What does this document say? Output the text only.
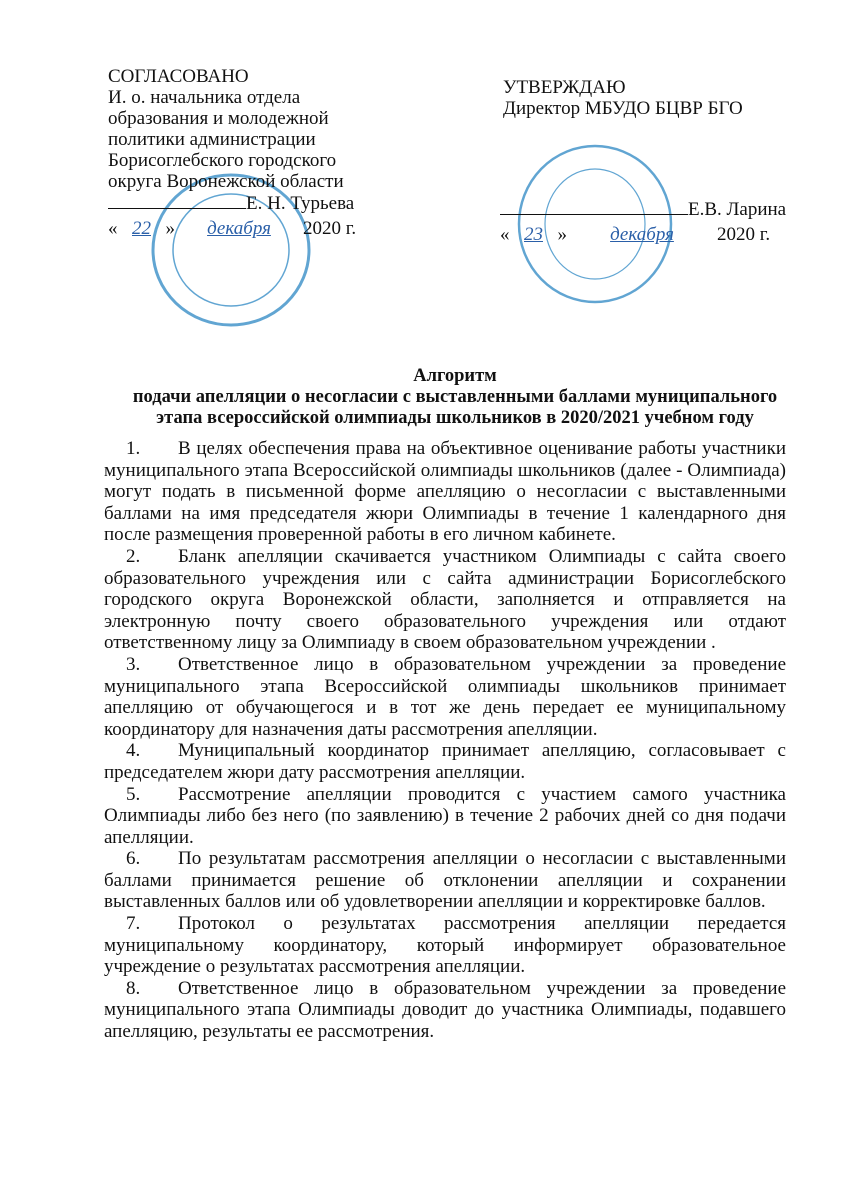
СОГЛАСОВАНО
И. о. начальника отдела
образования и молодежной
политики администрации
Борисоглебского городского
округа Воронежской области
Е. Н. Турьева
« 22 » декабря 2020 г.
УТВЕРЖДАЮ
Директор МБУДО БЦВР БГО
Е.В. Ларина
« 23 » декабря 2020 г.
Алгоритм
подачи апелляции о несогласии с выставленными баллами муниципального
этапа всероссийской олимпиады школьников в 2020/2021 учебном году

1. В целях обеспечения права на объективное оценивание работы участники муниципального этапа Всероссийской олимпиады школьников (далее - Олимпиада) могут подать в письменной форме апелляцию о несогласии с выставленными баллами на имя председателя жюри Олимпиады в течение 1 календарного дня после размещения проверенной работы в его личном кабинете.

2. Бланк апелляции скачивается участником Олимпиады с сайта своего образовательного учреждения или с сайта администрации Борисоглебского городского округа Воронежской области, заполняется и отправляется на электронную почту своего образовательного учреждения или отдают ответственному лицу за Олимпиаду в своем образовательном учреждении .

3. Ответственное лицо в образовательном учреждении за проведение муниципального этапа Всероссийской олимпиады школьников принимает апелляцию от обучающегося и в тот же день передает ее муниципальному координатору для назначения даты рассмотрения апелляции.

4. Муниципальный координатор принимает апелляцию, согласовывает с председателем жюри дату рассмотрения апелляции.

5. Рассмотрение апелляции проводится с участием самого участника Олимпиады либо без него (по заявлению) в течение 2 рабочих дней со дня подачи апелляции.

6. По результатам рассмотрения апелляции о несогласии с выставленными баллами принимается решение об отклонении апелляции и сохранении выставленных баллов или об удовлетворении апелляции и корректировке баллов.

7. Протокол о результатах рассмотрения апелляции передается муниципальному координатору, который информирует образовательное учреждение о результатах рассмотрения апелляции.

8. Ответственное лицо в образовательном учреждении за проведение муниципального этапа Олимпиады доводит до участника Олимпиады, подавшего апелляцию, результаты ее рассмотрения.
